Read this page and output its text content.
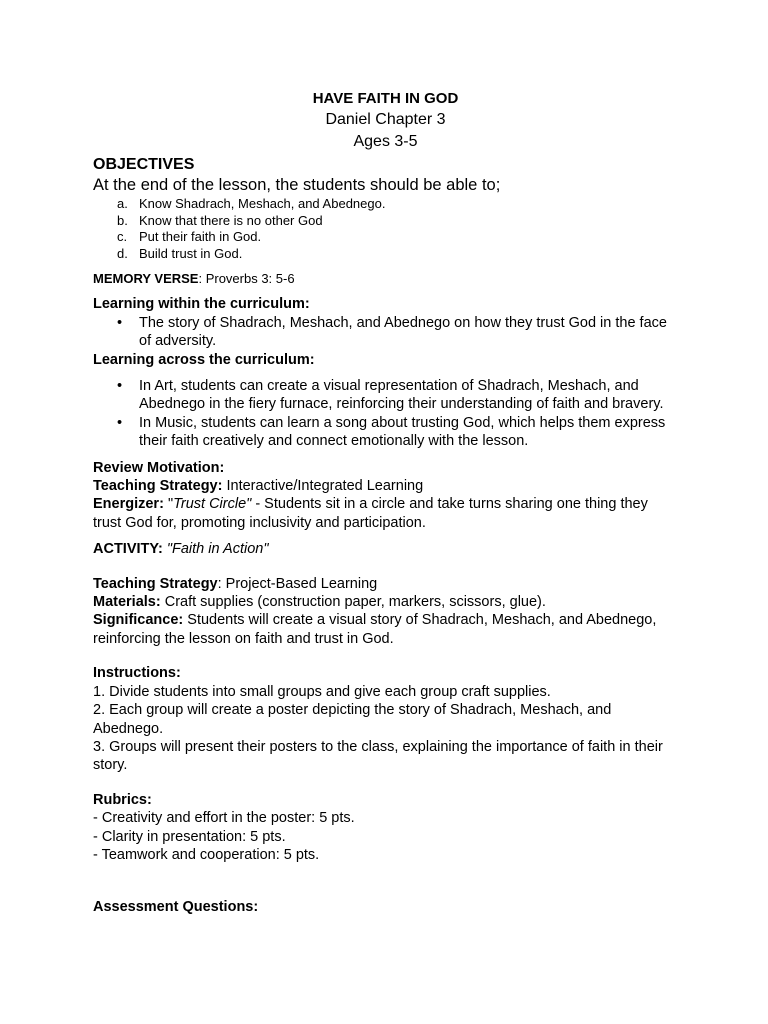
HAVE FAITH IN GOD
Daniel Chapter 3
Ages 3-5
OBJECTIVES
At the end of the lesson, the students should be able to;
a. Know Shadrach, Meshach, and Abednego.
b. Know that there is no other God
c. Put their faith in God.
d. Build trust in God.
MEMORY VERSE: Proverbs 3: 5-6
Learning within the curriculum:
• The story of Shadrach, Meshach, and Abednego on how they trust God in the face of adversity.
Learning across the curriculum:
• In Art, students can create a visual representation of Shadrach, Meshach, and Abednego in the fiery furnace, reinforcing their understanding of faith and bravery.
• In Music, students can learn a song about trusting God, which helps them express their faith creatively and connect emotionally with the lesson.
Review Motivation:
Teaching Strategy: Interactive/Integrated Learning
Energizer: "Trust Circle" - Students sit in a circle and take turns sharing one thing they trust God for, promoting inclusivity and participation.
ACTIVITY: "Faith in Action"
Teaching Strategy: Project-Based Learning
Materials: Craft supplies (construction paper, markers, scissors, glue).
Significance: Students will create a visual story of Shadrach, Meshach, and Abednego, reinforcing the lesson on faith and trust in God.
Instructions:
1. Divide students into small groups and give each group craft supplies.
2. Each group will create a poster depicting the story of Shadrach, Meshach, and Abednego.
3. Groups will present their posters to the class, explaining the importance of faith in their story.
Rubrics:
- Creativity and effort in the poster: 5 pts.
- Clarity in presentation: 5 pts.
- Teamwork and cooperation: 5 pts.
Assessment Questions:
